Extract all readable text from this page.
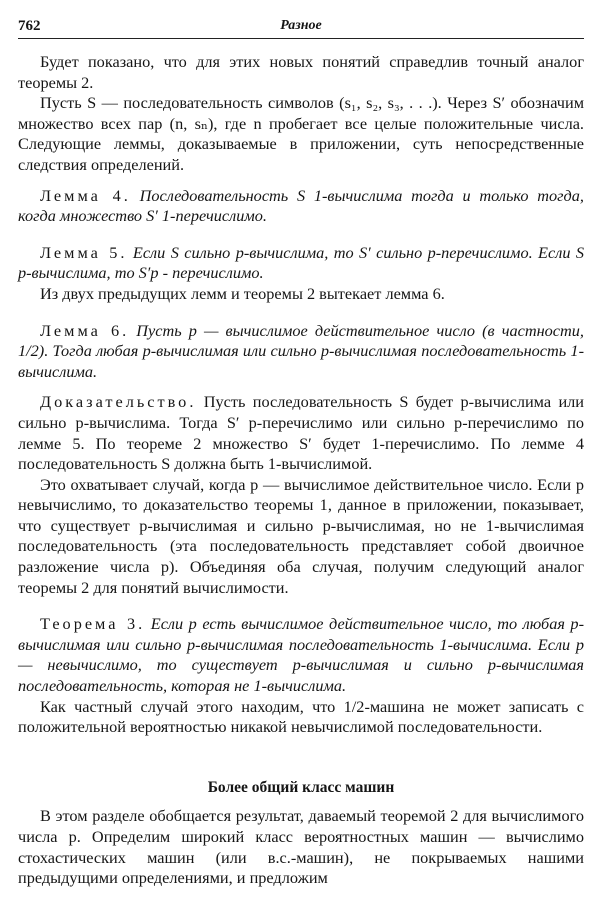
762	Разное

Будет показано, что для этих новых понятий справедлив точный аналог теоремы 2.

Пусть S — последовательность символов (s₁, s₂, s₃, . . .). Через S′ обозначим множество всех пар (n, sₙ), где n пробегает все целые положительные числа. Следующие леммы, доказываемые в приложении, суть непосредственные следствия определений.

Лемма 4. Последовательность S 1-вычислима тогда и только тогда, когда множество S′ 1-перечислимо.

Лемма 5. Если S сильно p-вычислима, то S′ сильно p-перечислимо. Если S p-вычислима, то S′p - перечислимо.

Из двух предыдущих лемм и теоремы 2 вытекает лемма 6.

Лемма 6. Пусть p — вычислимое действительное число (в частности, 1/2). Тогда любая p-вычислимая или сильно p-вычислимая последовательность 1-вычислима.

Доказательство. Пусть последовательность S будет p-вычислима или сильно p-вычислима. Тогда S′ p-перечислимо или сильно p-перечислимо по лемме 5. По теореме 2 множество S′ будет 1-перечислимо. По лемме 4 последовательность S должна быть 1-вычислимой.

Это охватывает случай, когда p — вычислимое действительное число. Если p невычислимо, то доказательство теоремы 1, данное в приложении, показывает, что существует p-вычислимая и сильно p-вычислимая, но не 1-вычислимая последовательность (эта последовательность представляет собой двоичное разложение числа p). Объединяя оба случая, получим следующий аналог теоремы 2 для понятий вычислимости.

Теорема 3. Если p есть вычислимое действительное число, то любая p-вычислимая или сильно p-вычислимая последовательность 1-вычислима. Если p — невычислимо, то существует p-вычислимая и сильно p-вычислимая последовательность, которая не 1-вычислима.

Как частный случай этого находим, что 1/2-машина не может записать с положительной вероятностью никакой невычислимой последовательности.

Более общий класс машин

В этом разделе обобщается результат, даваемый теоремой 2 для вычислимого числа p. Определим широкий класс вероятностных машин — вычислимо стохастических машин (или в.с.-машин), не покрываемых нашими предыдущими определениями, и предложим
